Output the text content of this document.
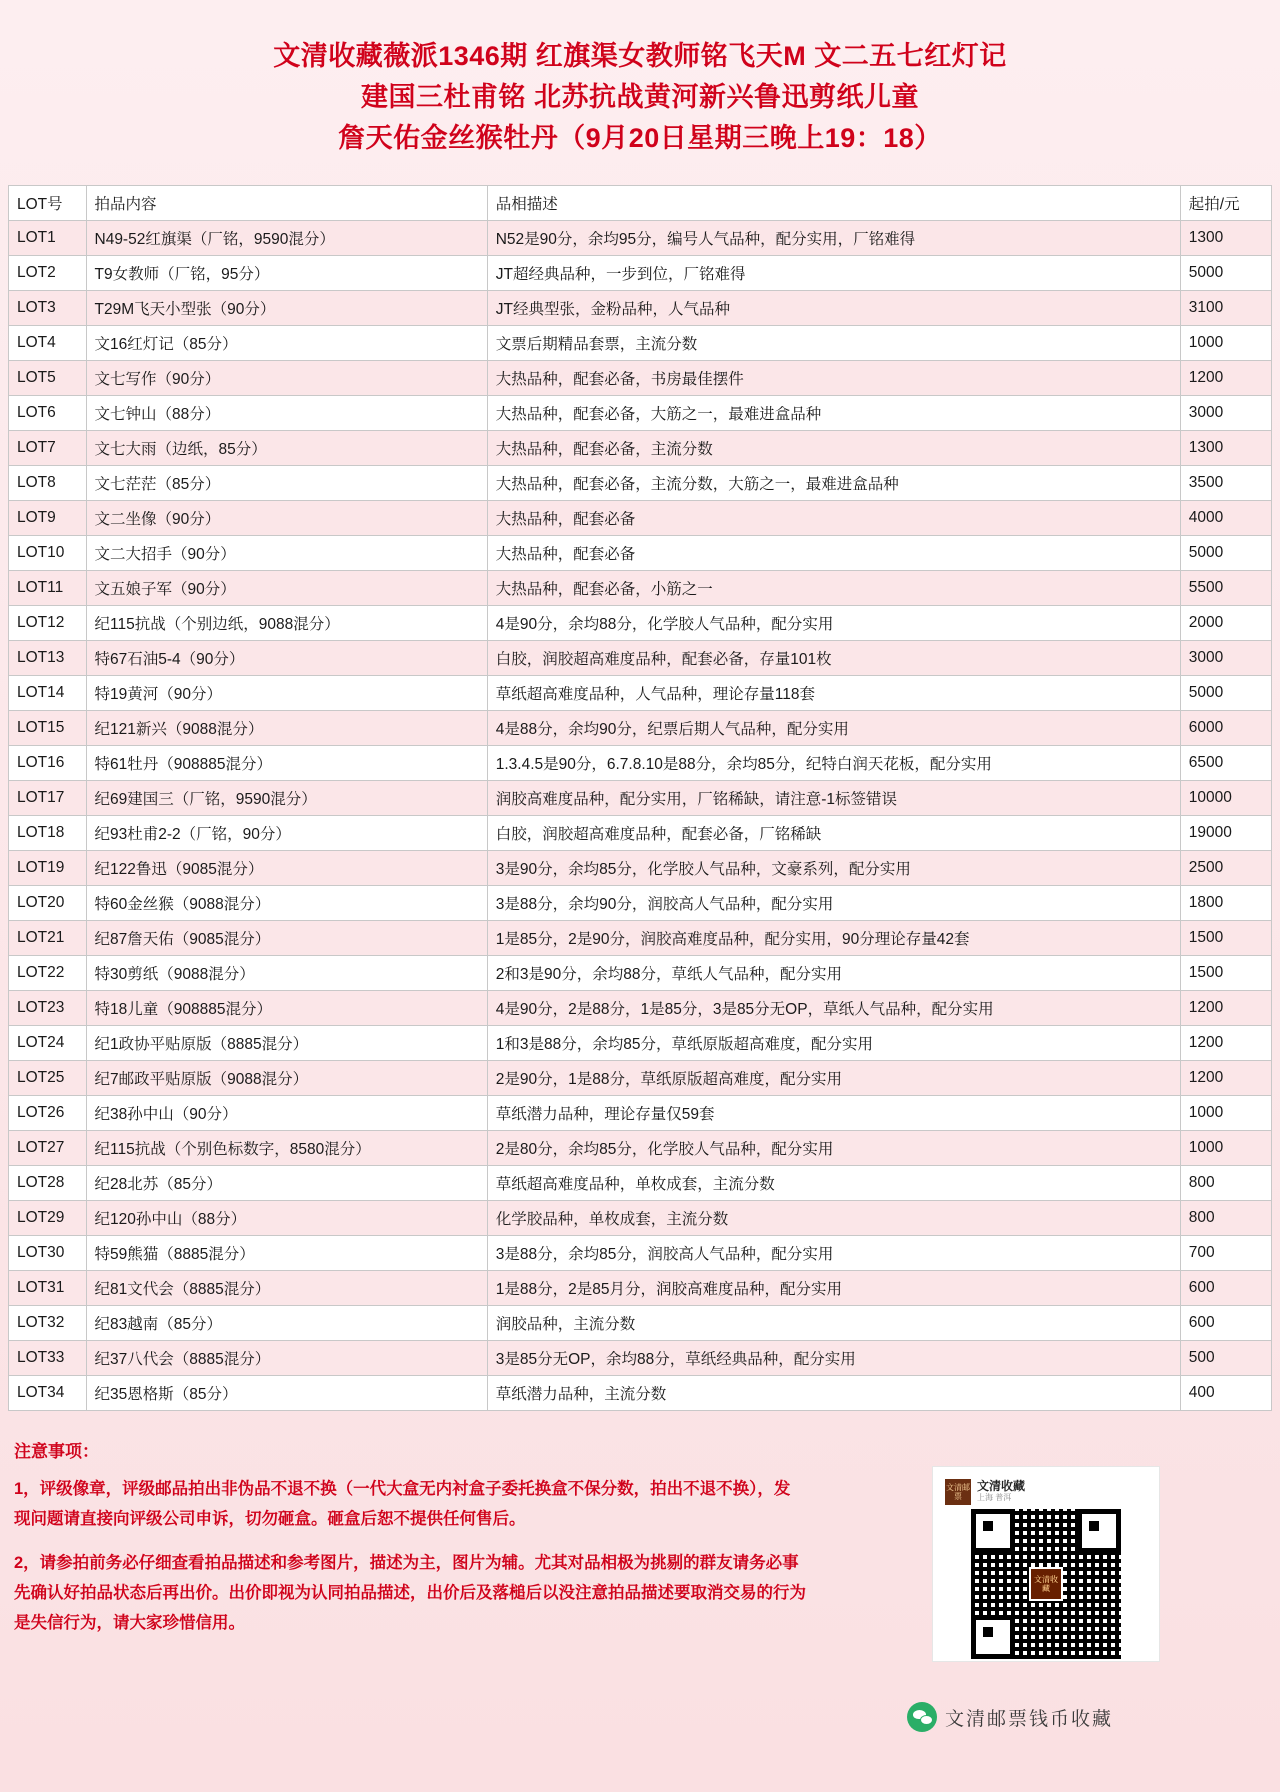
文清收藏薇派1346期 红旗渠女教师铭飞天M 文二五七红灯记
建国三杜甫铭 北苏抗战黄河新兴鲁迅剪纸儿童
詹天佑金丝猴牡丹（9月20日星期三晚上19：18）
LOT号	拍品内容	品相描述	起拍/元
LOT1	N49-52红旗渠（厂铭，9590混分）	N52是90分，余均95分，编号人气品种，配分实用，厂铭难得	1300
LOT2	T9女教师（厂铭，95分）	JT超经典品种，一步到位，厂铭难得	5000
LOT3	T29M飞天小型张（90分）	JT经典型张，金粉品种，人气品种	3100
LOT4	文16红灯记（85分）	文票后期精品套票，主流分数	1000
LOT5	文七写作（90分）	大热品种，配套必备，书房最佳摆件	1200
LOT6	文七钟山（88分）	大热品种，配套必备，大筋之一，最难进盒品种	3000
LOT7	文七大雨（边纸，85分）	大热品种，配套必备，主流分数	1300
LOT8	文七茫茫（85分）	大热品种，配套必备，主流分数，大筋之一，最难进盒品种	3500
LOT9	文二坐像（90分）	大热品种，配套必备	4000
LOT10	文二大招手（90分）	大热品种，配套必备	5000
LOT11	文五娘子军（90分）	大热品种，配套必备，小筋之一	5500
LOT12	纪115抗战（个别边纸，9088混分）	4是90分，余均88分，化学胶人气品种，配分实用	2000
LOT13	特67石油5-4（90分）	白胶，润胶超高难度品种，配套必备，存量101枚	3000
LOT14	特19黄河（90分）	草纸超高难度品种，人气品种，理论存量118套	5000
LOT15	纪121新兴（9088混分）	4是88分，余均90分，纪票后期人气品种，配分实用	6000
LOT16	特61牡丹（908885混分）	1.3.4.5是90分，6.7.8.10是88分，余均85分，纪特白润天花板，配分实用	6500
LOT17	纪69建国三（厂铭，9590混分）	润胶高难度品种，配分实用，厂铭稀缺，请注意-1标签错误	10000
LOT18	纪93杜甫2-2（厂铭，90分）	白胶，润胶超高难度品种，配套必备，厂铭稀缺	19000
LOT19	纪122鲁迅（9085混分）	3是90分，余均85分，化学胶人气品种，文豪系列，配分实用	2500
LOT20	特60金丝猴（9088混分）	3是88分，余均90分，润胶高人气品种，配分实用	1800
LOT21	纪87詹天佑（9085混分）	1是85分，2是90分，润胶高难度品种，配分实用，90分理论存量42套	1500
LOT22	特30剪纸（9088混分）	2和3是90分，余均88分，草纸人气品种，配分实用	1500
LOT23	特18儿童（908885混分）	4是90分，2是88分，1是85分，3是85分无OP，草纸人气品种，配分实用	1200
LOT24	纪1政协平贴原版（8885混分）	1和3是88分，余均85分，草纸原版超高难度，配分实用	1200
LOT25	纪7邮政平贴原版（9088混分）	2是90分，1是88分，草纸原版超高难度，配分实用	1200
LOT26	纪38孙中山（90分）	草纸潜力品种，理论存量仅59套	1000
LOT27	纪115抗战（个别色标数字，8580混分）	2是80分，余均85分，化学胶人气品种，配分实用	1000
LOT28	纪28北苏（85分）	草纸超高难度品种，单枚成套，主流分数	800
LOT29	纪120孙中山（88分）	化学胶品种，单枚成套，主流分数	800
LOT30	特59熊猫（8885混分）	3是88分，余均85分，润胶高人气品种，配分实用	700
LOT31	纪81文代会（8885混分）	1是88分，2是85月分，润胶高难度品种，配分实用	600
LOT32	纪83越南（85分）	润胶品种，主流分数	600
LOT33	纪37八代会（8885混分）	3是85分无OP，余均88分，草纸经典品种，配分实用	500
LOT34	纪35恩格斯（85分）	草纸潜力品种，主流分数	400
注意事项：

1，评级像章，评级邮品拍出非伪品不退不换（一代大盒无内衬盒子委托换盒不保分数，拍出不退不换），发现问题请直接向评级公司申诉，切勿砸盒。砸盒后恕不提供任何售后。

2，请参拍前务必仔细查看拍品描述和参考图片，描述为主，图片为辅。尤其对品相极为挑剔的群友请务必事先确认好拍品状态后再出价。出价即视为认同拍品描述，出价后及落槌后以没注意拍品描述要取消交易的行为是失信行为，请大家珍惜信用。

文清邮票
文清收藏
上海 普洱
文清收藏
文清邮票钱币收藏
